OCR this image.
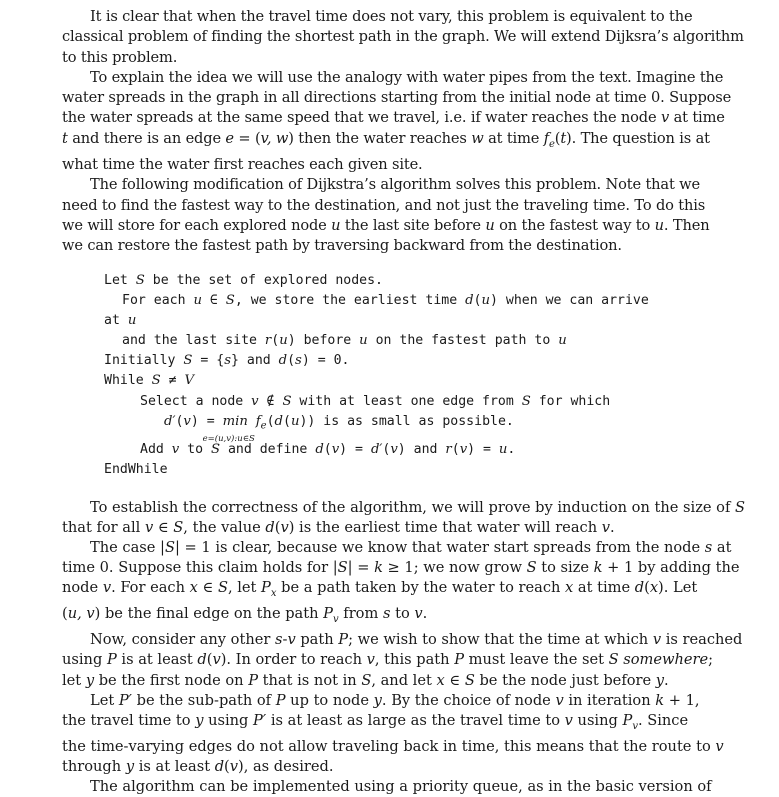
It is clear that when the travel time does not vary, this problem is equivalent to the
classical problem of finding the shortest path in the graph. We will extend Dijksra’s algorithm
to this problem.
To explain the idea we will use the analogy with water pipes from the text. Imagine the
water spreads in the graph in all directions starting from the initial node at time 0. Suppose
the water spreads at the same speed that we travel, i.e. if water reaches the node v at time
t and there is an edge e = (v, w) then the water reaches w at time $f_e(t)$. The question is at
what time the water first reaches each given site.
The following modification of Dijkstra’s algorithm solves this problem. Note that we
need to find the fastest way to the destination, and not just the traveling time. To do this
we will store for each explored node u the last site before u on the fastest way to u. Then
we can restore the fastest path by traversing backward from the destination.
Let S be the set of explored nodes.
For each u ∈ S, we store the earliest time d(u) when we can arrive
at u
and the last site r(u) before u on the fastest path to u
Initially S = {s} and d(s) = 0.
While S ≠ V
Select a node v ∉ S with at least one edge from S for which
d′(v) = min
e=(u,v):u∈S
$f_e(d(u))$ is as small as possible.
Add v to S and define d(v) = d′(v) and r(v) = u.
EndWhile
To establish the correctness of the algorithm, we will prove by induction on the size of S
that for all v ∈ S, the value d(v) is the earliest time that water will reach v.
The case |S| = 1 is clear, because we know that water start spreads from the node s at
time 0. Suppose this claim holds for |S| = k ≥ 1; we now grow S to size k + 1 by adding the
node v. For each x ∈ S, let $P_x$ be a path taken by the water to reach x at time d(x). Let
(u, v) be the final edge on the path $P_v$ from s to v.
Now, consider any other s-v path P; we wish to show that the time at which v is reached
using P is at least d(v). In order to reach v, this path P must leave the set S somewhere;
let y be the first node on P that is not in S, and let x ∈ S be the node just before y.
Let P′ be the sub-path of P up to node y. By the choice of node v in iteration k + 1,
the travel time to y using P′ is at least as large as the travel time to v using $P_v$. Since
the time-varying edges do not allow traveling back in time, this means that the route to v
through y is at least d(v), as desired.
The algorithm can be implemented using a priority queue, as in the basic version of
